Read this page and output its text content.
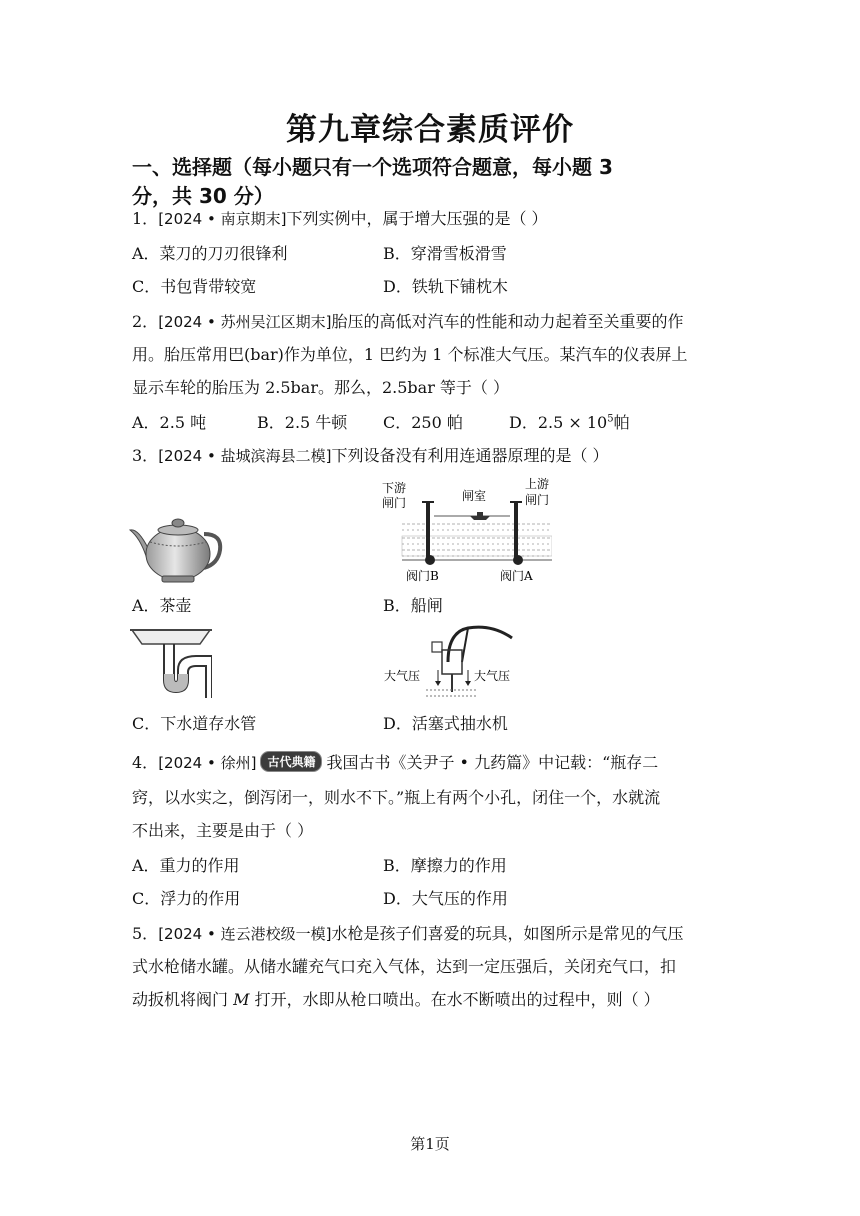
第九章综合素质评价
一、选择题（每小题只有一个选项符合题意，每小题 3
分，共 30 分）
1．[2024 • 南京期末]下列实例中，属于增大压强的是（ ）
A．菜刀的刀刃很锋利	B．穿滑雪板滑雪
C．书包背带较宽	D．铁轨下铺枕木
2．[2024 • 苏州吴江区期末]胎压的高低对汽车的性能和动力起着至关重要的作
用。胎压常用巴(bar)作为单位，1 巴约为 1 个标准大气压。某汽车的仪表屏上
显示车轮的胎压为 2.5bar。那么，2.5bar 等于（ ）
A．2.5 吨	B．2.5 牛顿 C．250 帕	D．$2.5 \times 10^5$帕
3．[2024 • 盐城滨海县二模]下列设备没有利用连通器原理的是（ ）
下游
闸门	闸室
上游
闸门
阀门B	阀门A
A．茶壶	B．船闸
大气压	大气压
C．下水道存水管	D．活塞式抽水机
4．[2024 • 徐州] 古代典籍 我国古书《关尹子 • 九药篇》中记载：“瓶存二
窍，以水实之，倒泻闭一，则水不下。”瓶上有两个小孔，闭住一个，水就流
不出来，主要是由于（ ）
A．重力的作用	B．摩擦力的作用
C．浮力的作用	D．大气压的作用
5．[2024 • 连云港校级一模]水枪是孩子们喜爱的玩具，如图所示是常见的气压
式水枪储水罐。从储水罐充气口充入气体，达到一定压强后，关闭充气口，扣
动扳机将阀门 M 打开，水即从枪口喷出。在水不断喷出的过程中，则（ ）
第1页
